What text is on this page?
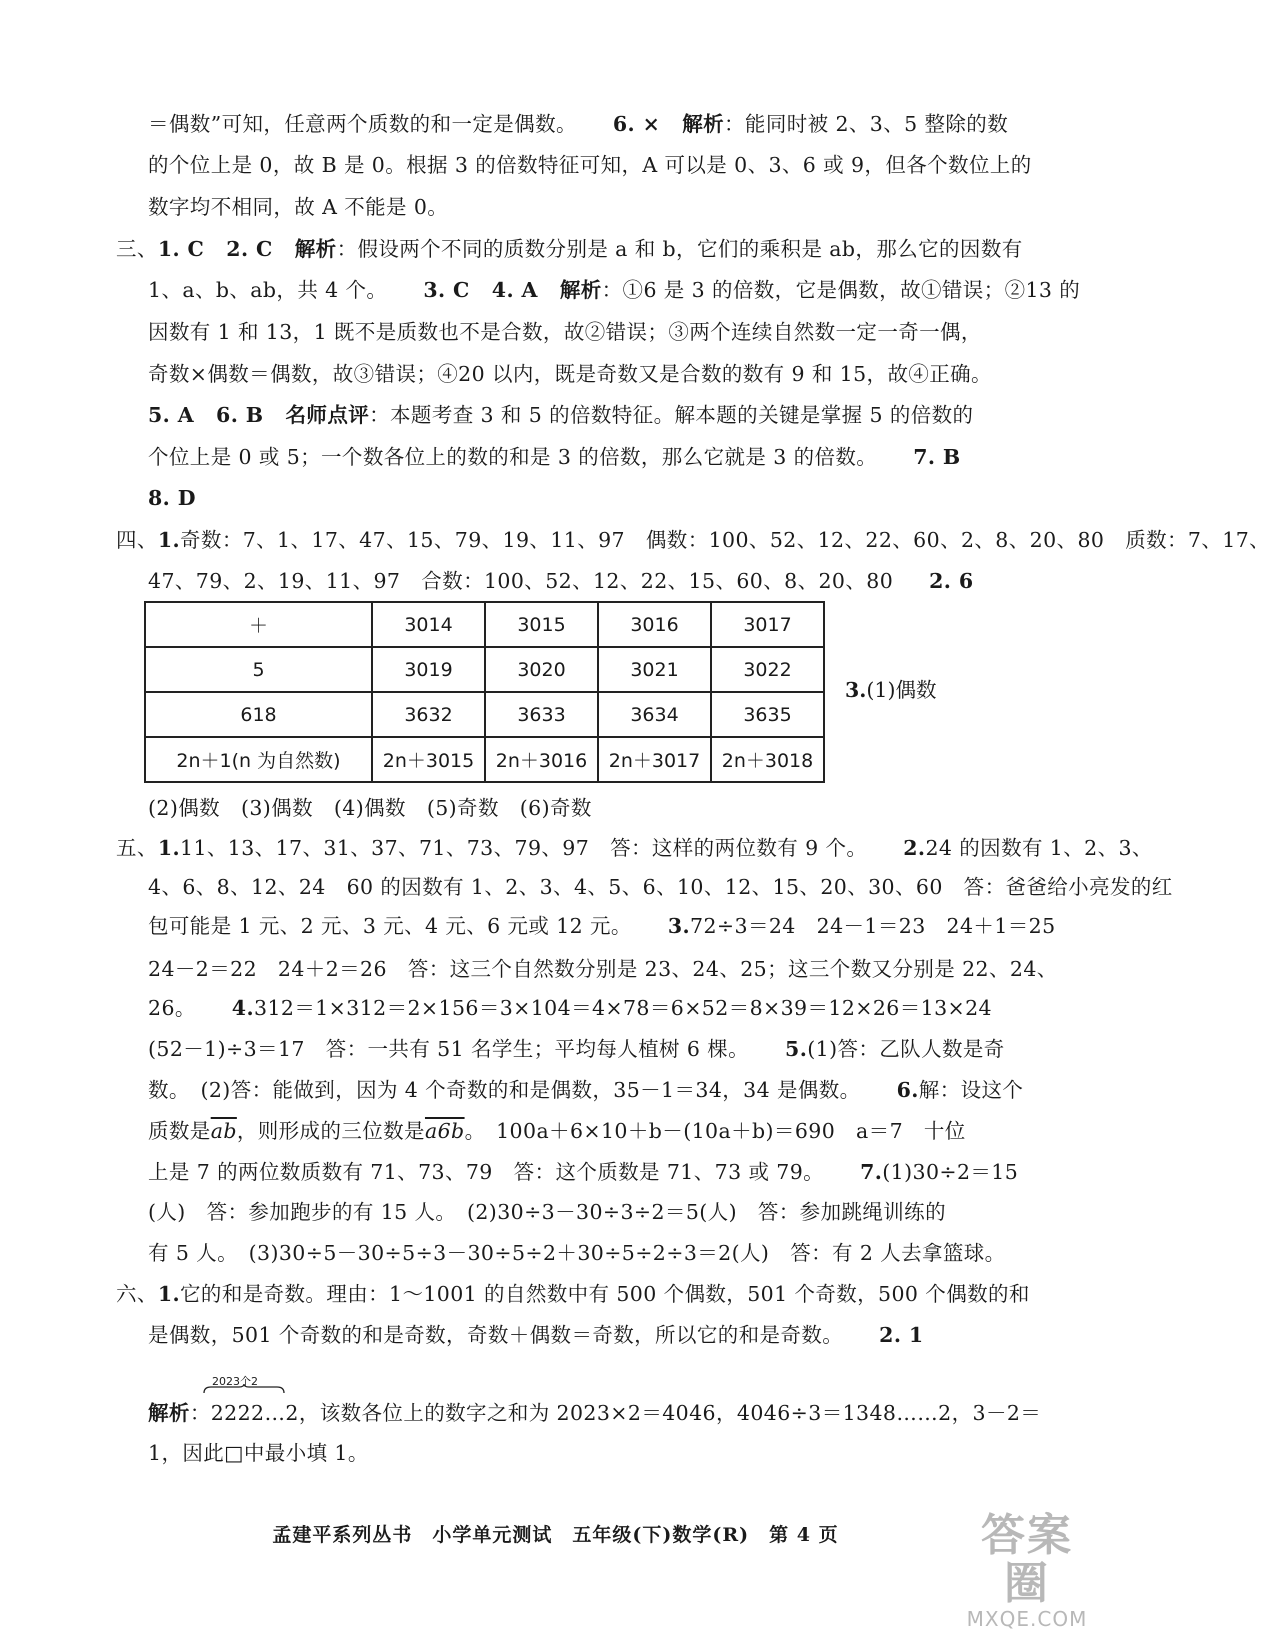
＝偶数”可知，任意两个质数的和一定是偶数。 6. × 解析：能同时被 2、3、5 整除的数
的个位上是 0，故 B 是 0。根据 3 的倍数特征可知，A 可以是 0、3、6 或 9，但各个数位上的
数字均不相同，故 A 不能是 0。
三、1. C 2. C 解析：假设两个不同的质数分别是 a 和 b，它们的乘积是 ab，那么它的因数有
1、a、b、ab，共 4 个。 3. C 4. A 解析：①6 是 3 的倍数，它是偶数，故①错误；②13 的
因数有 1 和 13，1 既不是质数也不是合数，故②错误；③两个连续自然数一定一奇一偶，
奇数×偶数＝偶数，故③错误；④20 以内，既是奇数又是合数的数有 9 和 15，故④正确。
5. A 6. B 名师点评：本题考查 3 和 5 的倍数特征。解本题的关键是掌握 5 的倍数的
个位上是 0 或 5；一个数各位上的数的和是 3 的倍数，那么它就是 3 的倍数。 7. B
8. D
四、1.奇数：7、1、17、47、15、79、19、11、97　偶数：100、52、12、22、60、2、8、20、80　质数：7、17、
47、79、2、19、11、97　合数：100、52、12、22、15、60、8、20、80 2. 6
＋	3014	3015	3016	3017
5	3019	3020	3021	3022
618	3632	3633	3634	3635
2n＋1(n 为自然数)	2n＋3015	2n＋3016	2n＋3017	2n＋3018
3.(1)偶数
(2)偶数　(3)偶数　(4)偶数　(5)奇数　(6)奇数
五、1.11、13、17、31、37、71、73、79、97　答：这样的两位数有 9 个。 2.24 的因数有 1、2、3、
4、6、8、12、24　60 的因数有 1、2、3、4、5、6、10、12、15、20、30、60　答：爸爸给小亮发的红
包可能是 1 元、2 元、3 元、4 元、6 元或 12 元。 3.72÷3＝24　24－1＝23　24＋1＝25
24－2＝22　24＋2＝26　答：这三个自然数分别是 23、24、25；这三个数又分别是 22、24、
26。 4.312＝1×312＝2×156＝3×104＝4×78＝6×52＝8×39＝12×26＝13×24
(52－1)÷3＝17　答：一共有 51 名学生；平均每人植树 6 棵。 5.(1)答：乙队人数是奇
数。　(2)答：能做到，因为 4 个奇数的和是偶数，35－1＝34，34 是偶数。 6.解：设这个
质数是$\overline{ab}$，则形成的三位数是a6b。　100a＋6×10＋b－(10a＋b)＝690　a＝7　十位
上是 7 的两位数质数有 71、73、79　答：这个质数是 71、73 或 79。 7.(1)30÷2＝15
(人)　答：参加跑步的有 15 人。　(2)30÷3－30÷3÷2＝5(人)　答：参加跳绳训练的
有 5 人。　(3)30÷5－30÷5÷3－30÷5÷2＋30÷5÷2÷3＝2(人)　答：有 2 人去拿篮球。
六、1.它的和是奇数。理由：1～1001 的自然数中有 500 个偶数，501 个奇数，500 个偶数的和
是偶数，501 个奇数的和是奇数，奇数＋偶数＝奇数，所以它的和是奇数。 2. 1
2023个2
解析：2222…2，该数各位上的数字之和为 2023×2＝4046，4046÷3＝1348……2，3－2＝
1，因此□中最小填 1。
孟建平系列丛书　小学单元测试　五年级(下)数学(R)　第 4 页	答案圈
MXQE.COM
